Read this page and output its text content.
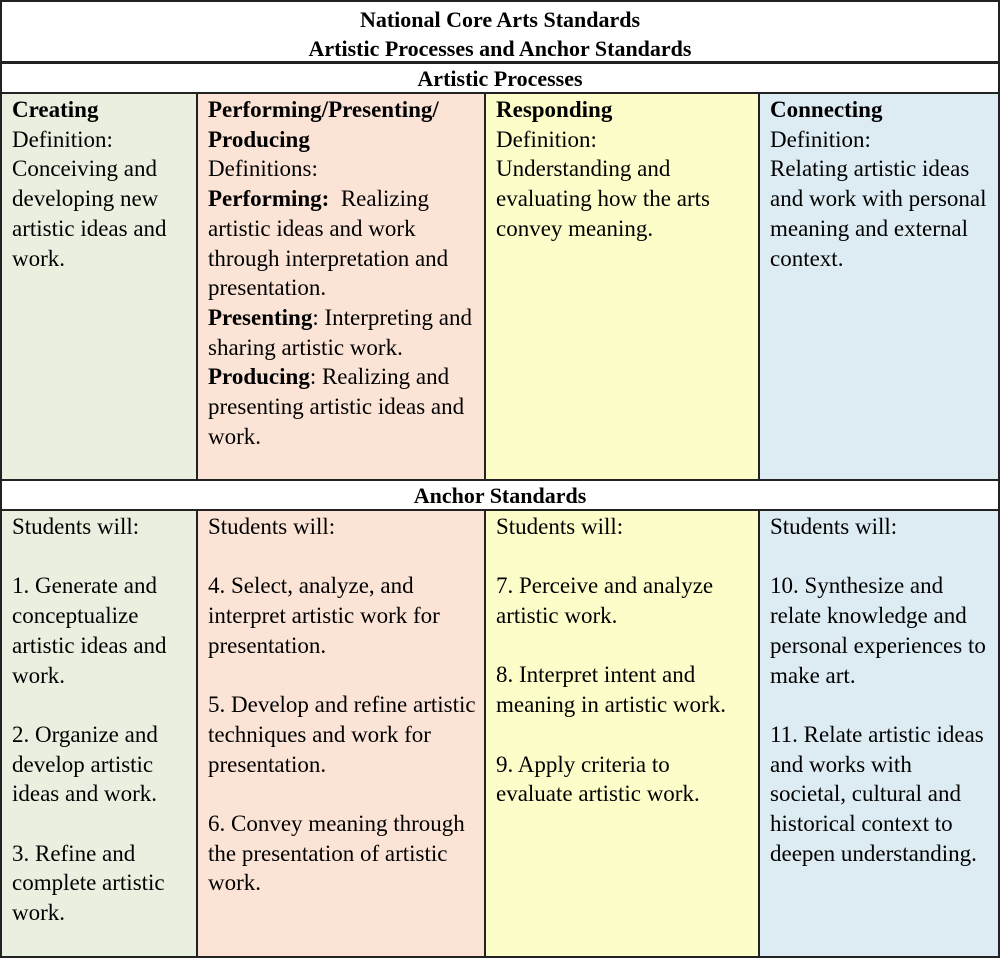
National Core Arts Standards
Artistic Processes and Anchor Standards
Artistic Processes
Creating
Definition:
Conceiving and developing new artistic ideas and work.
Performing/Presenting/ Producing
Definitions:
Performing: Realizing artistic ideas and work through interpretation and presentation.
Presenting: Interpreting and sharing artistic work.
Producing: Realizing and presenting artistic ideas and work.
Responding
Definition:
Understanding and evaluating how the arts convey meaning.
Connecting
Definition:
Relating artistic ideas and work with personal meaning and external context.
Anchor Standards
Students will:
1. Generate and conceptualize artistic ideas and work.
2. Organize and develop artistic ideas and work.
3. Refine and complete artistic work.
Students will:
4. Select, analyze, and interpret artistic work for presentation.
5. Develop and refine artistic techniques and work for presentation.
6. Convey meaning through the presentation of artistic work.
Students will:
7. Perceive and analyze artistic work.
8. Interpret intent and meaning in artistic work.
9. Apply criteria to evaluate artistic work.
Students will:
10. Synthesize and relate knowledge and personal experiences to make art.
11. Relate artistic ideas and works with societal, cultural and historical context to deepen understanding.
